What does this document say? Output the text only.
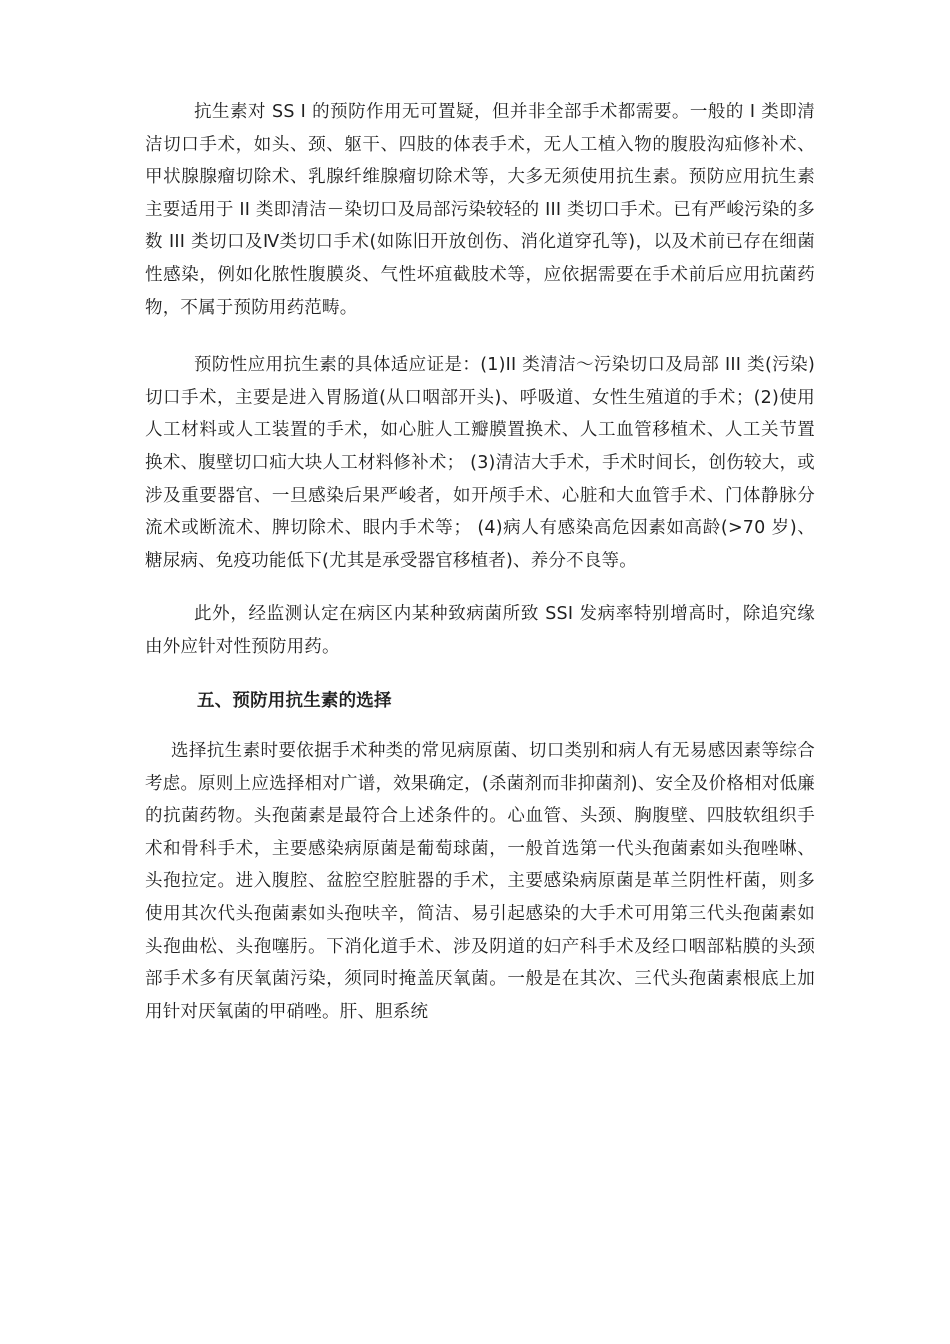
抗生素对 SS I 的预防作用无可置疑，但并非全部手术都需要。一般的 I 类即清洁切口手术，如头、颈、躯干、四肢的体表手术，无人工植入物的腹股沟疝修补术、甲状腺腺瘤切除术、乳腺纤维腺瘤切除术等，大多无须使用抗生素。预防应用抗生素主要适用于 II 类即清洁－染切口及局部污染较轻的 III 类切口手术。已有严峻污染的多数 III 类切口及Ⅳ类切口手术(如陈旧开放创伤、消化道穿孔等)，以及术前已存在细菌性感染，例如化脓性腹膜炎、气性坏疽截肢术等，应依据需要在手术前后应用抗菌药物，不属于预防用药范畴。

预防性应用抗生素的具体适应证是：(1)II 类清洁～污染切口及局部 III 类(污染)切口手术，主要是进入胃肠道(从口咽部开头)、呼吸道、女性生殖道的手术；(2)使用人工材料或人工装置的手术，如心脏人工瓣膜置换术、人工血管移植术、人工关节置换术、腹壁切口疝大块人工材料修补术； (3)清洁大手术，手术时间长，创伤较大，或涉及重要器官、一旦感染后果严峻者，如开颅手术、心脏和大血管手术、门体静脉分流术或断流术、脾切除术、眼内手术等； (4)病人有感染高危因素如高龄(>70 岁)、糖尿病、免疫功能低下(尤其是承受器官移植者)、养分不良等。

此外，经监测认定在病区内某种致病菌所致 SSI 发病率特别增高时，除追究缘由外应针对性预防用药。

五、预防用抗生素的选择

选择抗生素时要依据手术种类的常见病原菌、切口类别和病人有无易感因素等综合考虑。原则上应选择相对广谱，效果确定，(杀菌剂而非抑菌剂)、安全及价格相对低廉的抗菌药物。头孢菌素是最符合上述条件的。心血管、头颈、胸腹壁、四肢软组织手术和骨科手术，主要感染病原菌是葡萄球菌，一般首选第一代头孢菌素如头孢唑啉、头孢拉定。进入腹腔、盆腔空腔脏器的手术，主要感染病原菌是革兰阴性杆菌，则多使用其次代头孢菌素如头孢呋辛，简洁、易引起感染的大手术可用第三代头孢菌素如头孢曲松、头孢噻肟。下消化道手术、涉及阴道的妇产科手术及经口咽部粘膜的头颈部手术多有厌氧菌污染，须同时掩盖厌氧菌。一般是在其次、三代头孢菌素根底上加用针对厌氧菌的甲硝唑。肝、胆系统
